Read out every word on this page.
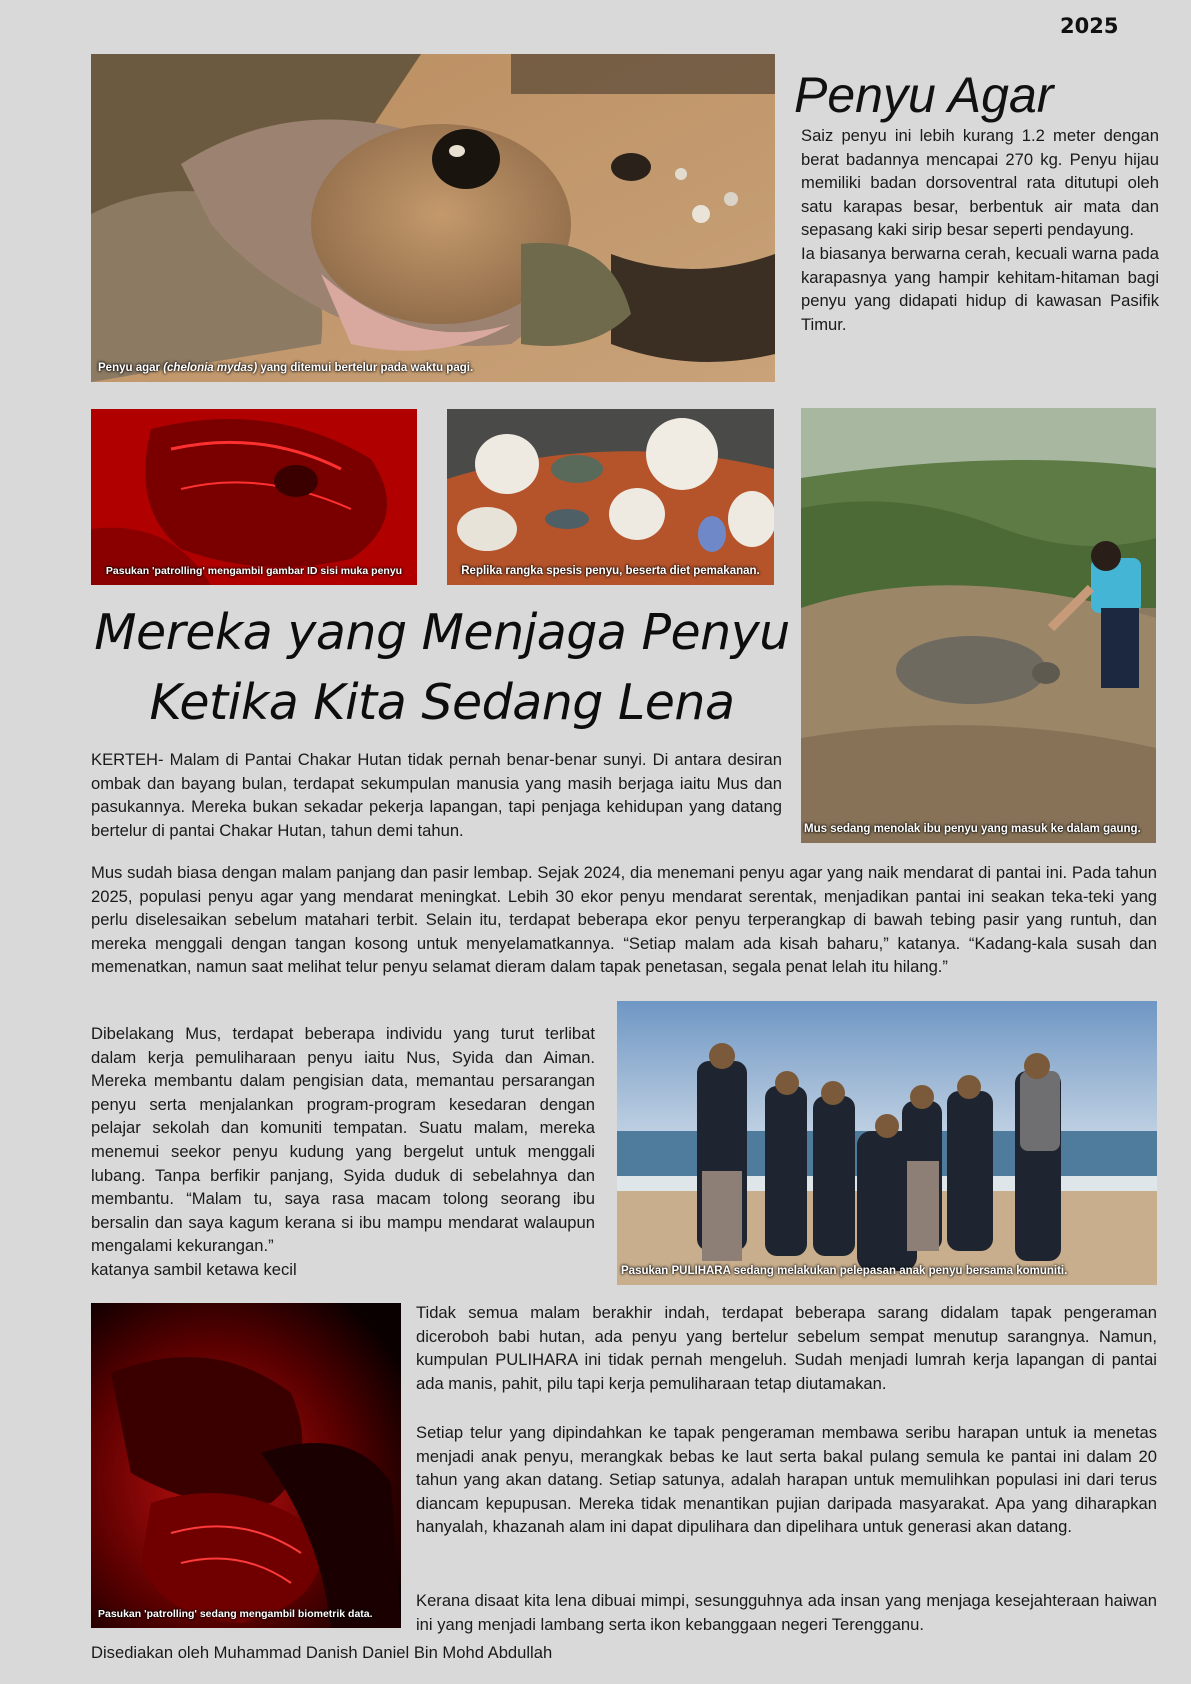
2025
Penyu agar (chelonia mydas) yang ditemui bertelur pada waktu pagi.
Penyu Agar

Saiz penyu ini lebih kurang 1.2 meter dengan berat badannya mencapai 270 kg. Penyu hijau memiliki badan dorsoventral rata ditutupi oleh satu karapas besar, berbentuk air mata dan sepasang kaki sirip besar seperti pendayung.

Ia biasanya berwarna cerah, kecuali warna pada karapasnya yang hampir kehitam-hitaman bagi penyu yang didapati hidup di kawasan Pasifik Timur.

Pasukan 'patrolling' mengambil gambar ID sisi muka penyu	Replika rangka spesis penyu, beserta diet pemakanan.
Mus sedang menolak ibu penyu yang masuk ke dalam gaung.
Mereka yang Menjaga Penyu
Ketika Kita Sedang Lena
KERTEH- Malam di Pantai Chakar Hutan tidak pernah benar-benar sunyi. Di antara desiran ombak dan bayang bulan, terdapat sekumpulan manusia yang masih berjaga iaitu Mus dan pasukannya. Mereka bukan sekadar pekerja lapangan, tapi penjaga kehidupan yang datang bertelur di pantai Chakar Hutan, tahun demi tahun.
Mus sudah biasa dengan malam panjang dan pasir lembap. Sejak 2024, dia menemani penyu agar yang naik mendarat di pantai ini. Pada tahun 2025, populasi penyu agar yang mendarat meningkat. Lebih 30 ekor penyu mendarat serentak, menjadikan pantai ini seakan teka-teki yang perlu diselesaikan sebelum matahari terbit. Selain itu, terdapat beberapa ekor penyu terperangkap di bawah tebing pasir yang runtuh, dan mereka menggali dengan tangan kosong untuk menyelamatkannya. “Setiap malam ada kisah baharu,” katanya. “Kadang-kala susah dan memenatkan, namun saat melihat telur penyu selamat dieram dalam tapak penetasan, segala penat lelah itu hilang.”

Dibelakang Mus, terdapat beberapa individu yang turut terlibat dalam kerja pemuliharaan penyu iaitu Nus, Syida dan Aiman. Mereka membantu dalam pengisian data, memantau persarangan penyu serta menjalankan program-program kesedaran dengan pelajar sekolah dan komuniti tempatan. Suatu malam, mereka menemui seekor penyu kudung yang bergelut untuk menggali lubang. Tanpa berfikir panjang, Syida duduk di sebelahnya dan membantu. “Malam tu, saya rasa macam tolong seorang ibu bersalin dan saya kagum kerana si ibu mampu mendarat walaupun mengalami kekurangan.”

katanya sambil ketawa kecil	Pasukan PULIHARA sedang melakukan pelepasan anak penyu bersama komuniti.
Pasukan 'patrolling' sedang mengambil biometrik data.
Tidak semua malam berakhir indah, terdapat beberapa sarang didalam tapak pengeraman diceroboh babi hutan, ada penyu yang bertelur sebelum sempat menutup sarangnya. Namun, kumpulan PULIHARA ini tidak pernah mengeluh. Sudah menjadi lumrah kerja lapangan di pantai ada manis, pahit, pilu tapi kerja pemuliharaan tetap diutamakan.
Setiap telur yang dipindahkan ke tapak pengeraman membawa seribu harapan untuk ia menetas menjadi anak penyu, merangkak bebas ke laut serta bakal pulang semula ke pantai ini dalam 20 tahun yang akan datang. Setiap satunya, adalah harapan untuk memulihkan populasi ini dari terus diancam kepupusan. Mereka tidak menantikan pujian daripada masyarakat. Apa yang diharapkan hanyalah, khazanah alam ini dapat dipulihara dan dipelihara untuk generasi akan datang.
Kerana disaat kita lena dibuai mimpi, sesungguhnya ada insan yang menjaga kesejahteraan haiwan ini yang menjadi lambang serta ikon kebanggaan negeri Terengganu.
Disediakan oleh Muhammad Danish Daniel Bin Mohd Abdullah
